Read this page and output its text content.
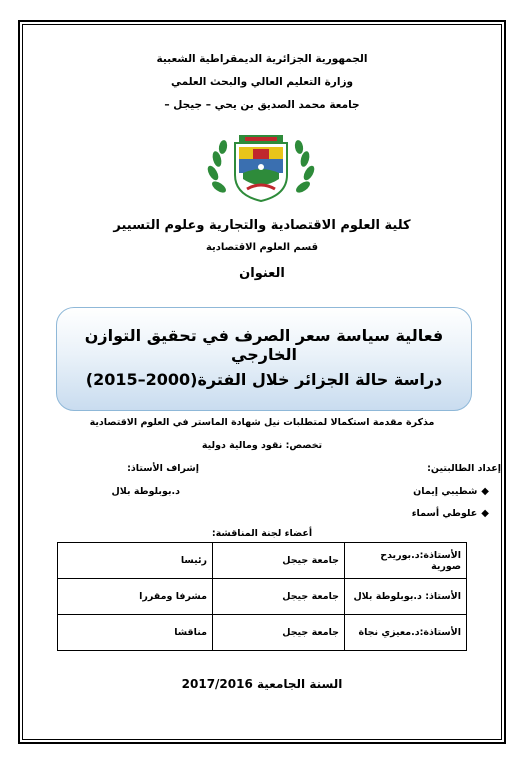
الجمهورية الجزائرية الديمقراطية الشعبية
وزارة التعليم العالي والبحث العلمي
جامعة محمد الصديق بن يحي – جيجل –
كلية العلوم الاقتصادية والتجارية وعلوم التسيير
قسم العلوم الاقتصادية
العنوان
فعالية سياسة سعر الصرف في تحقيق التوازن الخارجي
دراسة حالة الجزائر خلال الفترة(2000–2015)
مذكرة مقدمة استكمالا لمتطلبات نيل شهادة الماستر في العلوم الاقتصادية
تخصص: نقود ومالية دولية
إعداد الطالبتين:
◆شطيبي إيمان
◆علوطي أسماء
إشراف الأستاذ:
د.بوبلوطة بلال
أعضاء لجنة المناقشة:
الأستاذة:د.بوريدح صورية	جامعة جيجل	رئيسا
الأستاذ: د.بوبلوطة بلال	جامعة جيجل	مشرفا ومقررا
الأستاذة:د.معيزي نجاة	جامعة جيجل	مناقشا
السنة الجامعية 2017/2016
